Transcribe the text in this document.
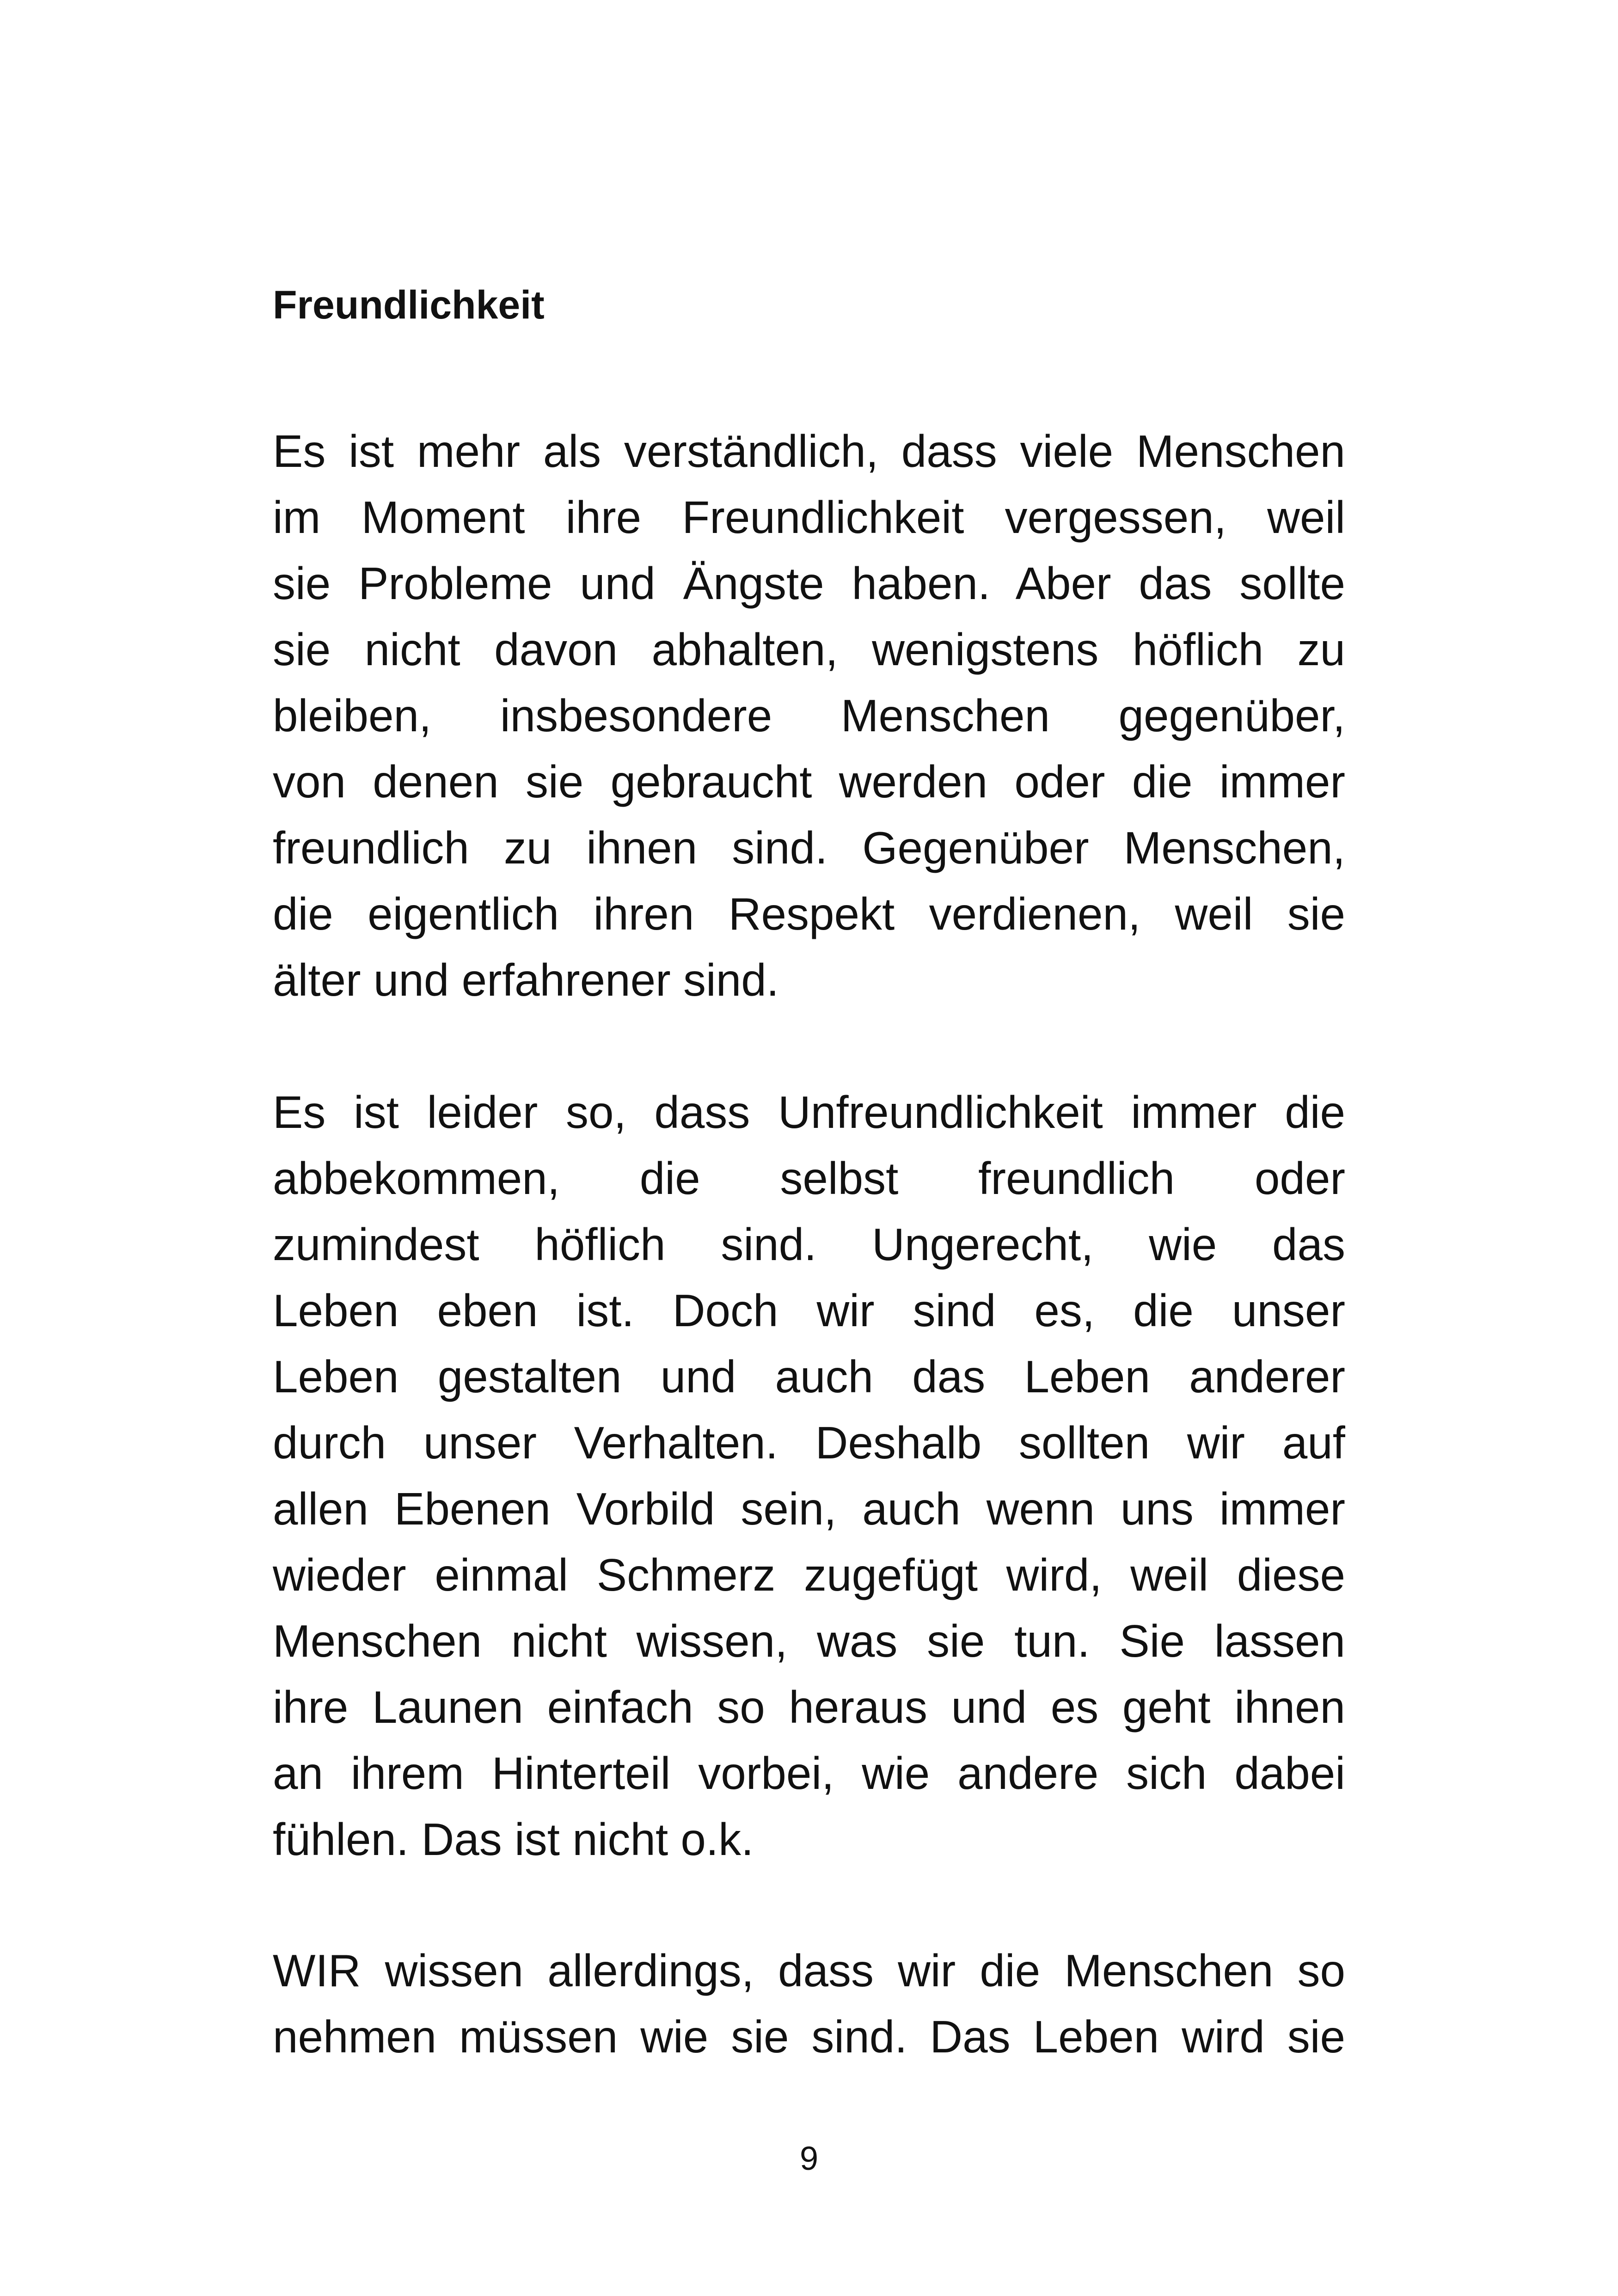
Freundlichkeit
Es ist mehr als verständlich, dass viele Menschen
im Moment ihre Freundlichkeit vergessen, weil
sie Probleme und Ängste haben. Aber das sollte
sie nicht davon abhalten, wenigstens höflich zu
bleiben, insbesondere Menschen gegenüber,
von denen sie gebraucht werden oder die immer
freundlich zu ihnen sind. Gegenüber Menschen,
die eigentlich ihren Respekt verdienen, weil sie
älter und erfahrener sind.
Es ist leider so, dass Unfreundlichkeit immer die
abbekommen, die selbst freundlich oder
zumindest höflich sind. Ungerecht, wie das
Leben eben ist. Doch wir sind es, die unser
Leben gestalten und auch das Leben anderer
durch unser Verhalten. Deshalb sollten wir auf
allen Ebenen Vorbild sein, auch wenn uns immer
wieder einmal Schmerz zugefügt wird, weil diese
Menschen nicht wissen, was sie tun. Sie lassen
ihre Launen einfach so heraus und es geht ihnen
an ihrem Hinterteil vorbei, wie andere sich dabei
fühlen. Das ist nicht o.k.
WIR wissen allerdings, dass wir die Menschen so
nehmen müssen wie sie sind. Das Leben wird sie

9
